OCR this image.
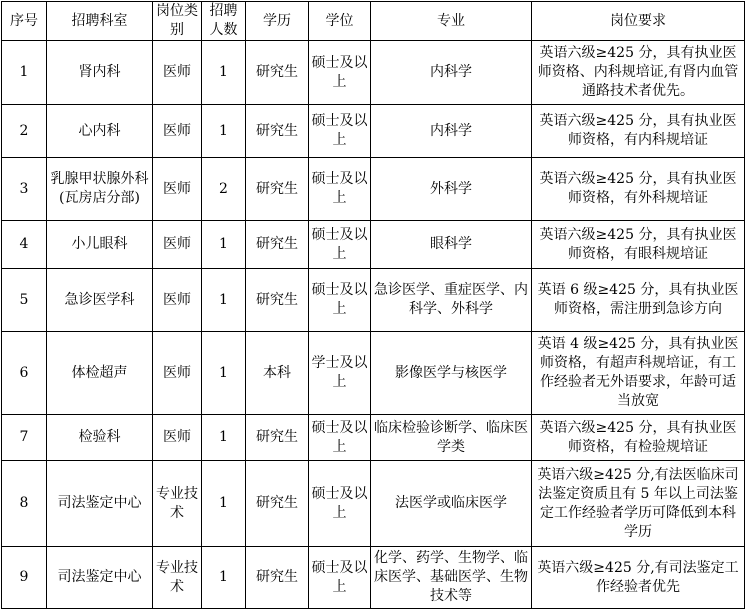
序号	招聘科室	岗位类别	招聘人数	学历	学位	专业	岗位要求
1	肾内科	医师	1	研究生	硕士及以上	内科学	英语六级≥425 分，具有执业医师资格、内科规培证,有肾内血管通路技术者优先。
2	心内科	医师	1	研究生	硕士及以上	内科学	英语六级≥425 分，具有执业医师资格，有内科规培证
3	乳腺甲状腺外科(瓦房店分部)	医师	2	研究生	硕士及以上	外科学	英语六级≥425 分，具有执业医师资格，有外科规培证
4	小儿眼科	医师	1	研究生	硕士及以上	眼科学	英语六级≥425 分，具有执业医师资格，有眼科规培证
5	急诊医学科	医师	1	研究生	硕士及以上	急诊医学、重症医学、内科学、外科学	英语 6 级≥425 分，具有执业医师资格，需注册到急诊方向
6	体检超声	医师	1	本科	学士及以上	影像医学与核医学	英语 4 级≥425 分，具有执业医师资格，有超声科规培证，有工作经验者无外语要求，年龄可适当放宽
7	检验科	医师	1	研究生	硕士及以上	临床检验诊断学、临床医学类	英语六级≥425 分，具有执业医师资格，有检验规培证
8	司法鉴定中心	专业技术	1	研究生	硕士及以上	法医学或临床医学	英语六级≥425 分,有法医临床司法鉴定资质且有 5 年以上司法鉴定工作经验者学历可降低到本科学历
9	司法鉴定中心	专业技术	1	研究生	硕士及以上	化学、药学、生物学、临床医学、基础医学、生物技术等	英语六级≥425 分,有司法鉴定工作经验者优先
